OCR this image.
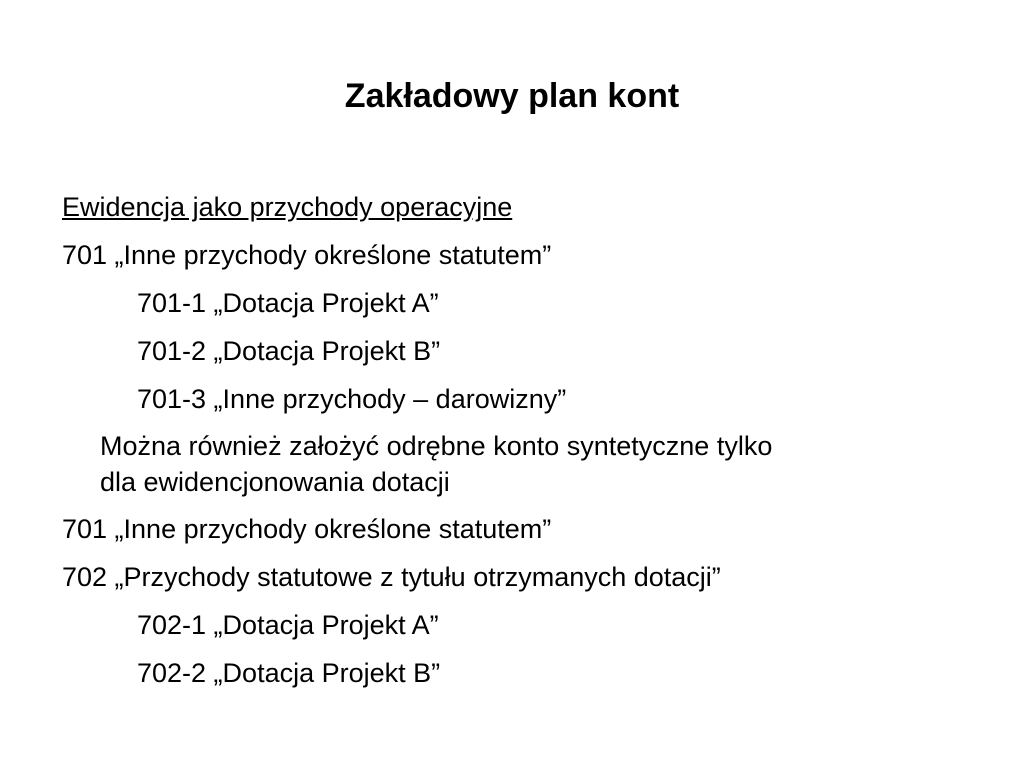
Zakładowy plan kont
Ewidencja jako przychody operacyjne
701 „Inne przychody określone statutem”
701-1 „Dotacja Projekt A”
701-2 „Dotacja Projekt B”
701-3 „Inne przychody – darowizny”
Można również założyć odrębne konto syntetyczne tylko
dla ewidencjonowania dotacji
701 „Inne przychody określone statutem”
702 „Przychody statutowe z tytułu otrzymanych dotacji”
702-1 „Dotacja Projekt A”
702-2 „Dotacja Projekt B”
